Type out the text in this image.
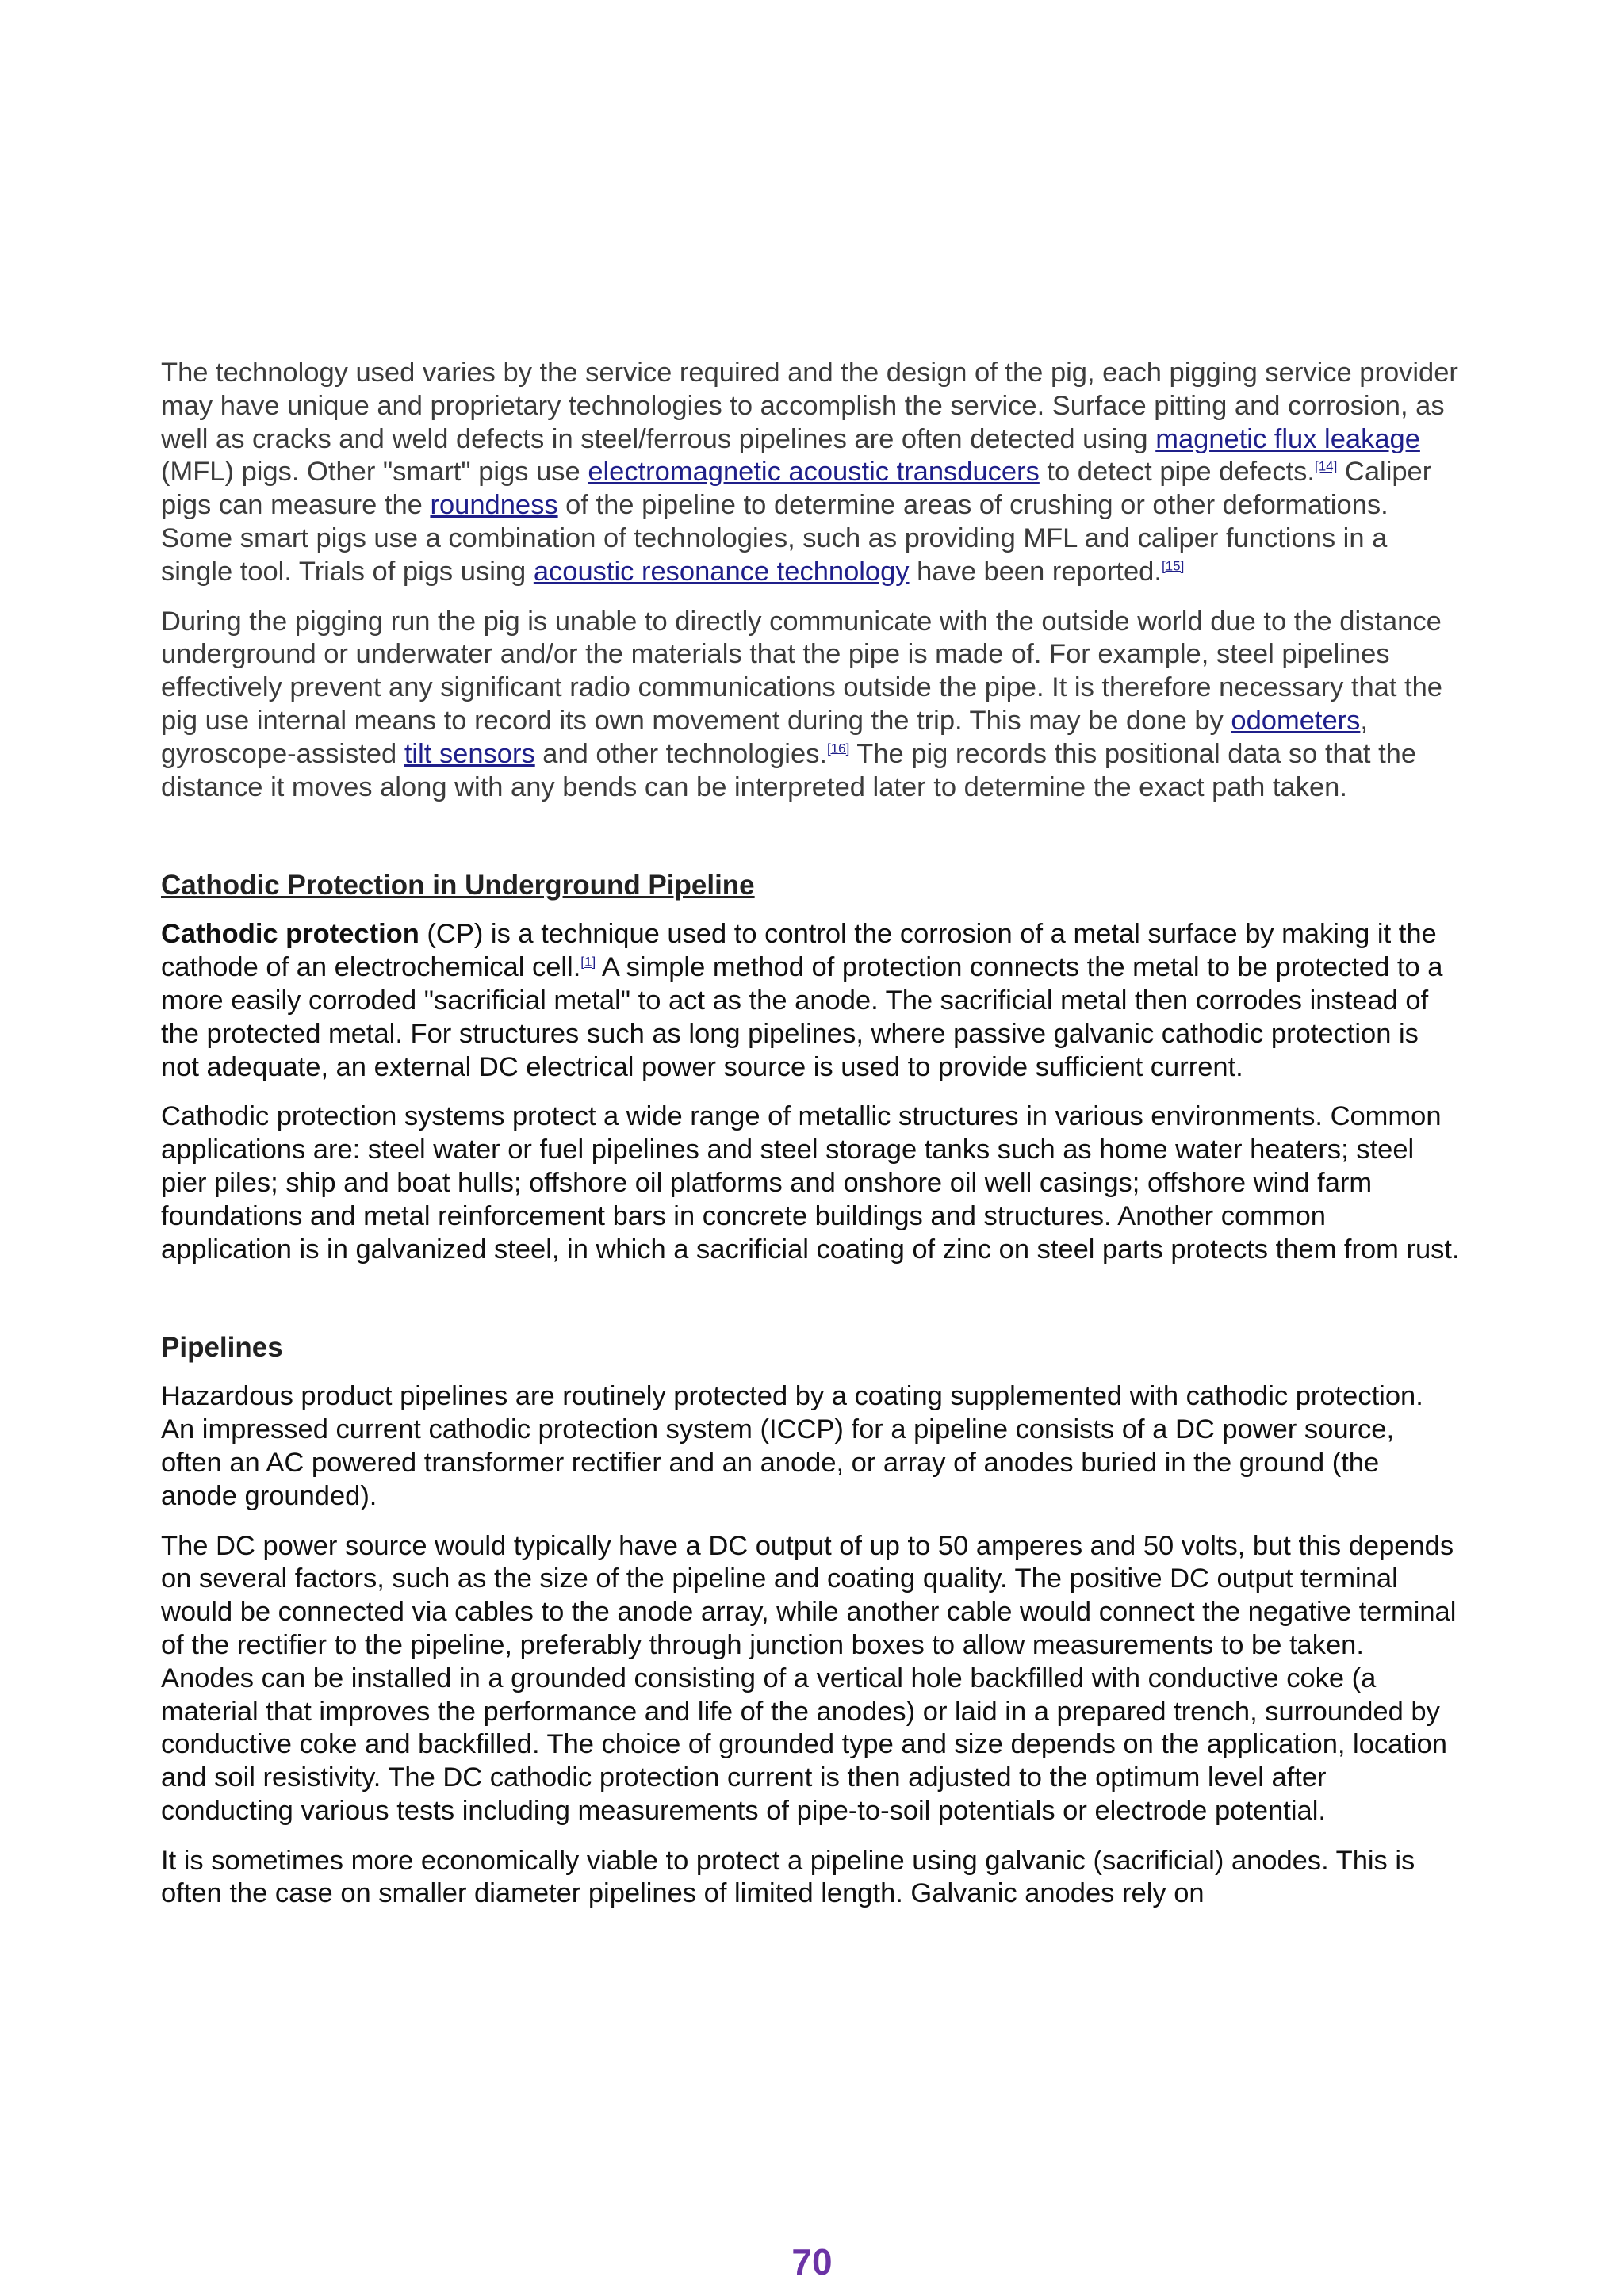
The technology used varies by the service required and the design of the pig, each pigging service provider may have unique and proprietary technologies to accomplish the service. Surface pitting and corrosion, as well as cracks and weld defects in steel/ferrous pipelines are often detected using magnetic flux leakage (MFL) pigs. Other "smart" pigs use electromagnetic acoustic transducers to detect pipe defects.[14] Caliper pigs can measure the roundness of the pipeline to determine areas of crushing or other deformations. Some smart pigs use a combination of technologies, such as providing MFL and caliper functions in a single tool. Trials of pigs using acoustic resonance technology have been reported.[15]

During the pigging run the pig is unable to directly communicate with the outside world due to the distance underground or underwater and/or the materials that the pipe is made of. For example, steel pipelines effectively prevent any significant radio communications outside the pipe. It is therefore necessary that the pig use internal means to record its own movement during the trip. This may be done by odometers, gyroscope-assisted tilt sensors and other technologies.[16] The pig records this positional data so that the distance it moves along with any bends can be interpreted later to determine the exact path taken.

Cathodic Protection in Underground Pipeline

Cathodic protection (CP) is a technique used to control the corrosion of a metal surface by making it the cathode of an electrochemical cell.[1] A simple method of protection connects the metal to be protected to a more easily corroded "sacrificial metal" to act as the anode. The sacrificial metal then corrodes instead of the protected metal. For structures such as long pipelines, where passive galvanic cathodic protection is not adequate, an external DC electrical power source is used to provide sufficient current.

Cathodic protection systems protect a wide range of metallic structures in various environments. Common applications are: steel water or fuel pipelines and steel storage tanks such as home water heaters; steel pier piles; ship and boat hulls; offshore oil platforms and onshore oil well casings; offshore wind farm foundations and metal reinforcement bars in concrete buildings and structures. Another common application is in galvanized steel, in which a sacrificial coating of zinc on steel parts protects them from rust.

Pipelines

Hazardous product pipelines are routinely protected by a coating supplemented with cathodic protection. An impressed current cathodic protection system (ICCP) for a pipeline consists of a DC power source, often an AC powered transformer rectifier and an anode, or array of anodes buried in the ground (the anode grounded).

The DC power source would typically have a DC output of up to 50 amperes and 50 volts, but this depends on several factors, such as the size of the pipeline and coating quality. The positive DC output terminal would be connected via cables to the anode array, while another cable would connect the negative terminal of the rectifier to the pipeline, preferably through junction boxes to allow measurements to be taken. Anodes can be installed in a grounded consisting of a vertical hole backfilled with conductive coke (a material that improves the performance and life of the anodes) or laid in a prepared trench, surrounded by conductive coke and backfilled. The choice of grounded type and size depends on the application, location and soil resistivity. The DC cathodic protection current is then adjusted to the optimum level after conducting various tests including measurements of pipe-to-soil potentials or electrode potential.

It is sometimes more economically viable to protect a pipeline using galvanic (sacrificial) anodes. This is often the case on smaller diameter pipelines of limited length. Galvanic anodes rely on

70
